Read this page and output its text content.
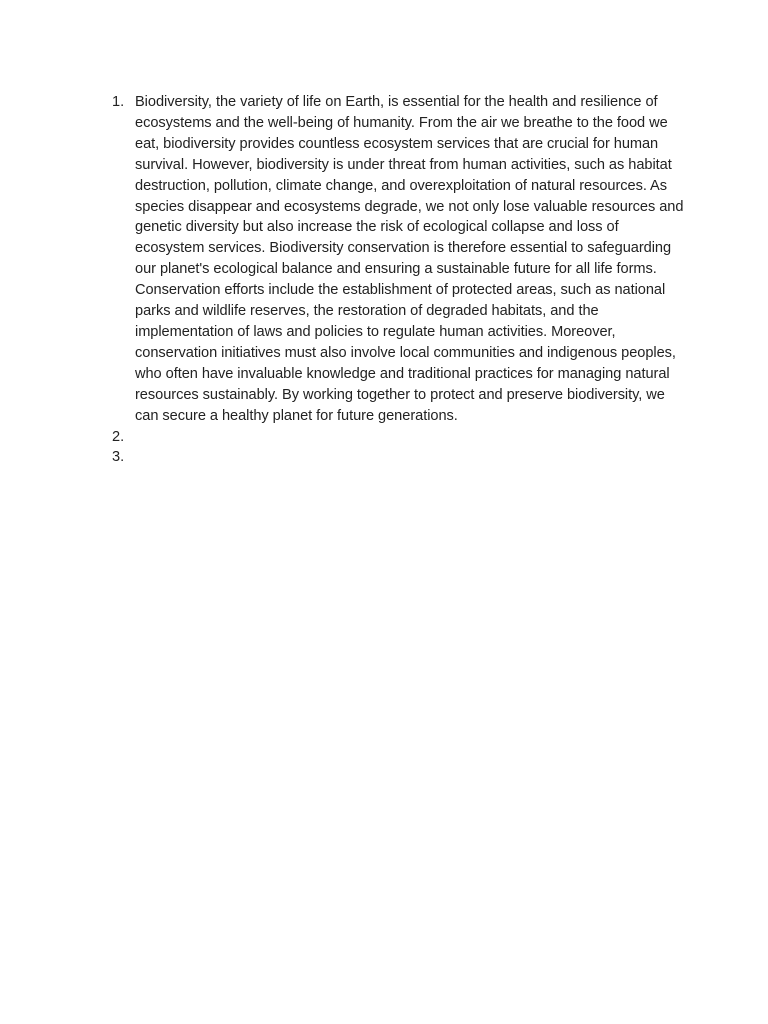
1. Biodiversity, the variety of life on Earth, is essential for the health and resilience of ecosystems and the well-being of humanity. From the air we breathe to the food we eat, biodiversity provides countless ecosystem services that are crucial for human survival. However, biodiversity is under threat from human activities, such as habitat destruction, pollution, climate change, and overexploitation of natural resources. As species disappear and ecosystems degrade, we not only lose valuable resources and genetic diversity but also increase the risk of ecological collapse and loss of ecosystem services. Biodiversity conservation is therefore essential to safeguarding our planet's ecological balance and ensuring a sustainable future for all life forms. Conservation efforts include the establishment of protected areas, such as national parks and wildlife reserves, the restoration of degraded habitats, and the implementation of laws and policies to regulate human activities. Moreover, conservation initiatives must also involve local communities and indigenous peoples, who often have invaluable knowledge and traditional practices for managing natural resources sustainably. By working together to protect and preserve biodiversity, we can secure a healthy planet for future generations.
2.
3.
